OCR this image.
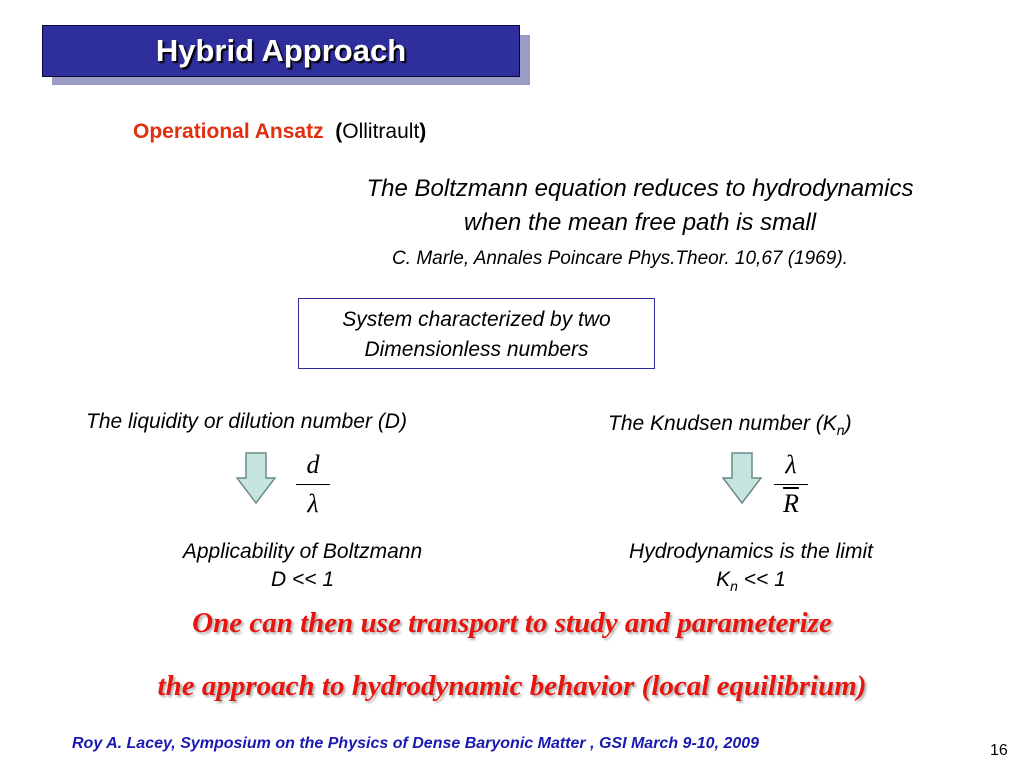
Hybrid Approach
Operational Ansatz (Ollitrault)
The Boltzmann equation reduces to hydrodynamics
when the mean free path is small
C. Marle, Annales Poincare Phys.Theor. 10,67 (1969).
System characterized by two
Dimensionless numbers
The liquidity or dilution number (D)
d
λ
Applicability of Boltzmann
D << 1
The Knudsen number $(K_n)$
$\frac{\lambda}{R}$
Hydrodynamics is the limit
$K_n << 1$
One can then use transport to study and parameterize
the approach to hydrodynamic behavior (local equilibrium)
Roy A. Lacey, Symposium on the Physics of Dense Baryonic Matter , GSI March 9-10, 2009	16
